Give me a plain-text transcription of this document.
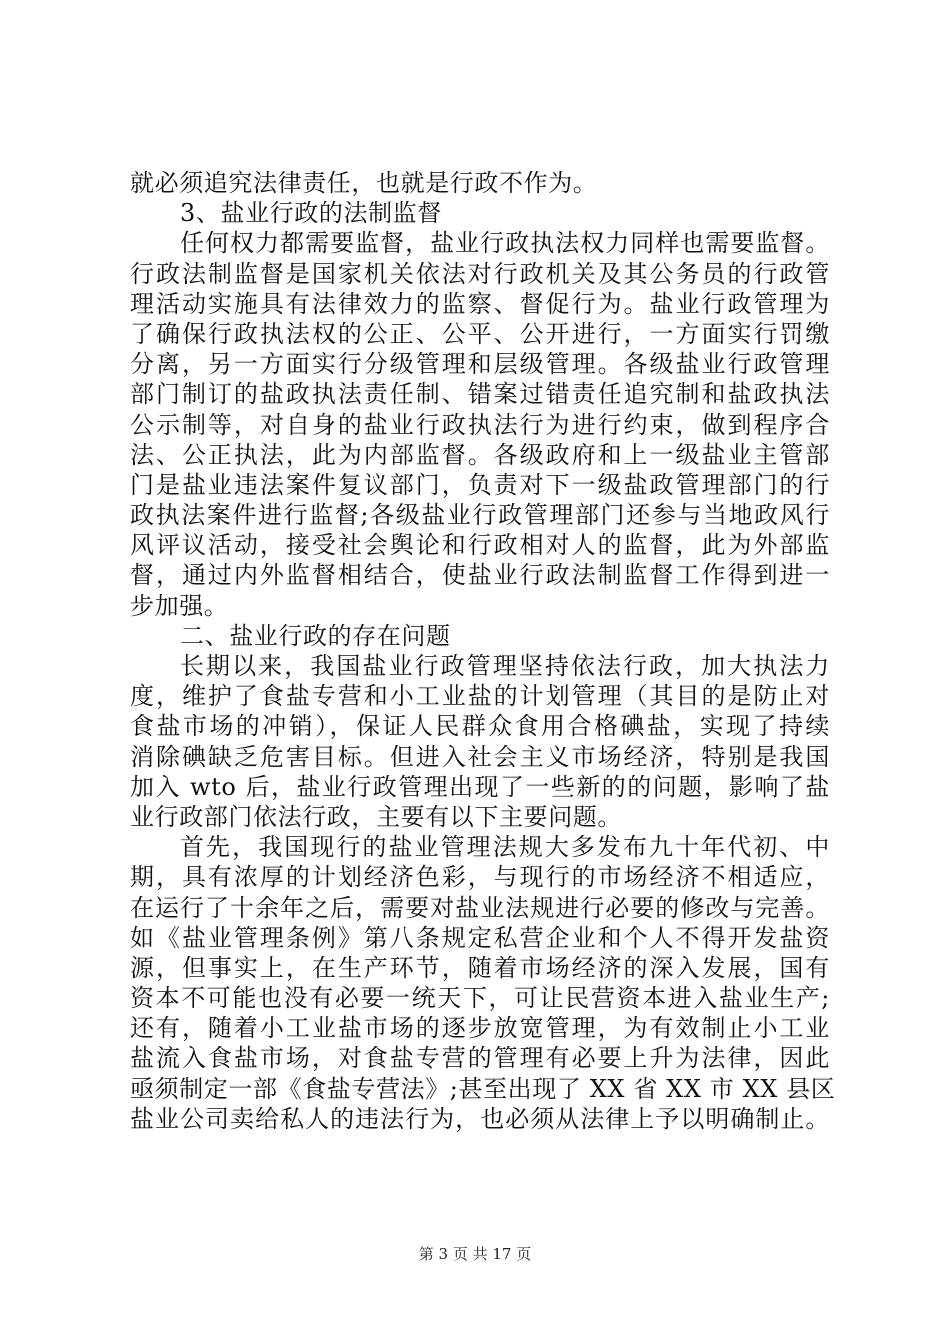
就必须追究法律责任，也就是行政不作为。
3、盐业行政的法制监督
任何权力都需要监督，盐业行政执法权力同样也需要监督。
行政法制监督是国家机关依法对行政机关及其公务员的行政管
理活动实施具有法律效力的监察、督促行为。盐业行政管理为
了确保行政执法权的公正、公平、公开进行，一方面实行罚缴
分离，另一方面实行分级管理和层级管理。各级盐业行政管理
部门制订的盐政执法责任制、错案过错责任追究制和盐政执法
公示制等，对自身的盐业行政执法行为进行约束，做到程序合
法、公正执法，此为内部监督。各级政府和上一级盐业主管部
门是盐业违法案件复议部门，负责对下一级盐政管理部门的行
政执法案件进行监督;各级盐业行政管理部门还参与当地政风行
风评议活动，接受社会舆论和行政相对人的监督，此为外部监
督，通过内外监督相结合，使盐业行政法制监督工作得到进一
步加强。
二、盐业行政的存在问题
长期以来，我国盐业行政管理坚持依法行政，加大执法力
度，维护了食盐专营和小工业盐的计划管理（其目的是防止对
食盐市场的冲销），保证人民群众食用合格碘盐，实现了持续
消除碘缺乏危害目标。但进入社会主义市场经济，特别是我国
加入 wto 后，盐业行政管理出现了一些新的的问题，影响了盐
业行政部门依法行政，主要有以下主要问题。
首先，我国现行的盐业管理法规大多发布九十年代初、中
期，具有浓厚的计划经济色彩，与现行的市场经济不相适应，
在运行了十余年之后，需要对盐业法规进行必要的修改与完善。
如《盐业管理条例》第八条规定私营企业和个人不得开发盐资
源，但事实上，在生产环节，随着市场经济的深入发展，国有
资本不可能也没有必要一统天下，可让民营资本进入盐业生产;
还有，随着小工业盐市场的逐步放宽管理，为有效制止小工业
盐流入食盐市场，对食盐专营的管理有必要上升为法律，因此
亟须制定一部《食盐专营法》;甚至出现了 XX 省 XX 市 XX 县区
盐业公司卖给私人的违法行为，也必须从法律上予以明确制止。
第 3 页 共 17 页
